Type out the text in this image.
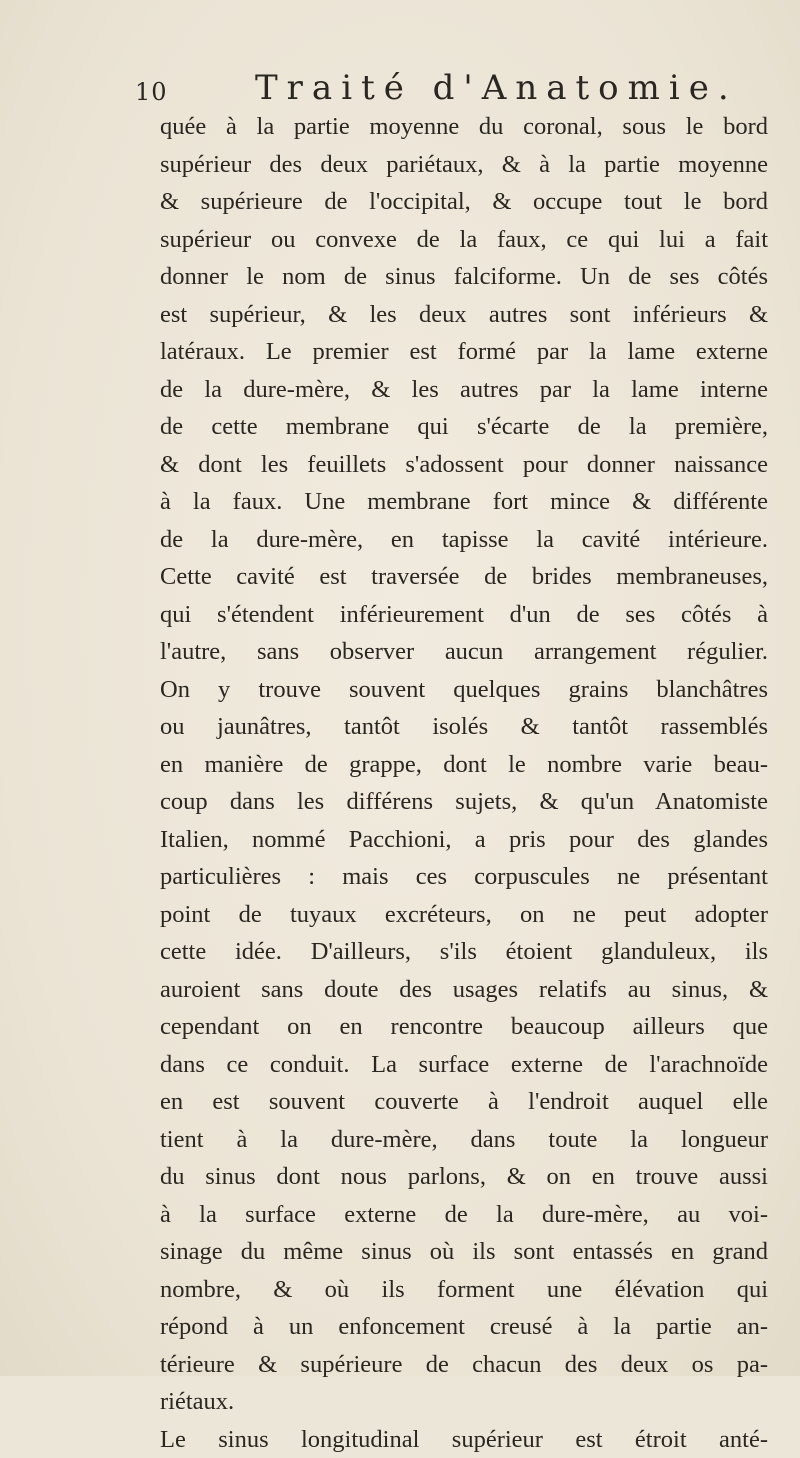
10	Traité d'Anatomie.
quée à la partie moyenne du coronal, sous le bord
supérieur des deux pariétaux, & à la partie moyenne
& supérieure de l'occipital, & occupe tout le bord
supérieur ou convexe de la faux, ce qui lui a fait
donner le nom de sinus falciforme. Un de ses côtés
est supérieur, & les deux autres sont inférieurs &
latéraux. Le premier est formé par la lame externe
de la dure-mère, & les autres par la lame interne
de cette membrane qui s'écarte de la première,
& dont les feuillets s'adossent pour donner naissance
à la faux. Une membrane fort mince & différente
de la dure-mère, en tapisse la cavité intérieure.
Cette cavité est traversée de brides membraneuses,
qui s'étendent inférieurement d'un de ses côtés à
l'autre, sans observer aucun arrangement régulier.
On y trouve souvent quelques grains blanchâtres
ou jaunâtres, tantôt isolés & tantôt rassemblés
en manière de grappe, dont le nombre varie beau-
coup dans les différens sujets, & qu'un Anatomiste
Italien, nommé Pacchioni, a pris pour des glandes
particulières : mais ces corpuscules ne présentant
point de tuyaux excréteurs, on ne peut adopter
cette idée. D'ailleurs, s'ils étoient glanduleux, ils
auroient sans doute des usages relatifs au sinus, &
cependant on en rencontre beaucoup ailleurs que
dans ce conduit. La surface externe de l'arachnoïde
en est souvent couverte à l'endroit auquel elle
tient à la dure-mère, dans toute la longueur
du sinus dont nous parlons, & on en trouve aussi
à la surface externe de la dure-mère, au voi-
sinage du même sinus où ils sont entassés en grand
nombre, & où ils forment une élévation qui
répond à un enfoncement creusé à la partie an-
térieure & supérieure de chacun des deux os pa-
riétaux.
Le sinus longitudinal supérieur est étroit anté-
